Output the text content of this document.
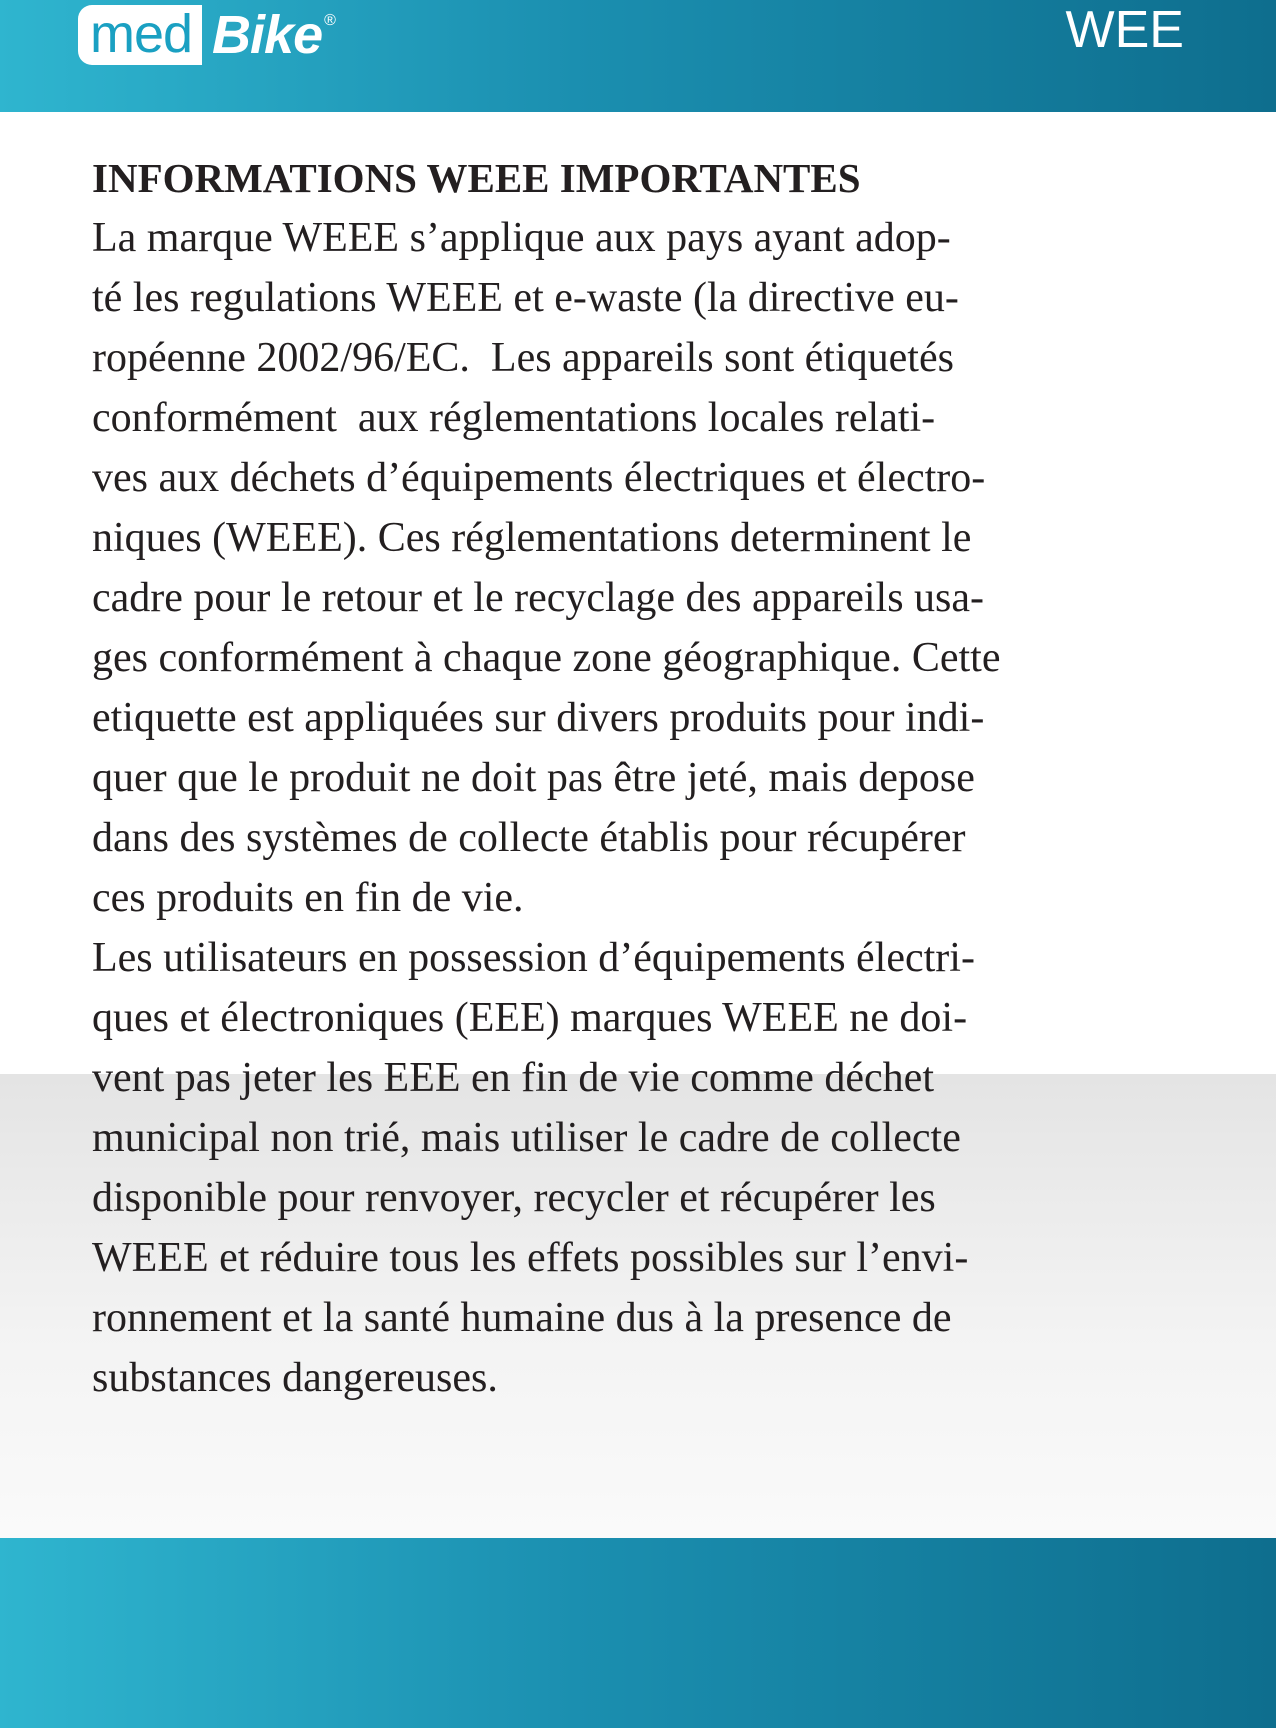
med Bike ®	WEE

INFORMATIONS WEEE IMPORTANTES

La marque WEEE s’applique aux pays ayant adop-
té les regulations WEEE et e-waste (la directive eu-
ropéenne 2002/96/EC.  Les appareils sont étiquetés
conformément  aux réglementations locales relati-
ves aux déchets d’équipements électriques et électro-
niques (WEEE). Ces réglementations determinent le
cadre pour le retour et le recyclage des appareils usa-
ges conformément à chaque zone géographique. Cette
etiquette est appliquées sur divers produits pour indi-
quer que le produit ne doit pas être jeté, mais depose
dans des systèmes de collecte établis pour récupérer
ces produits en fin de vie.
Les utilisateurs en possession d’équipements électri-
ques et électroniques (EEE) marques WEEE ne doi-
vent pas jeter les EEE en fin de vie comme déchet
municipal non trié, mais utiliser le cadre de collecte
disponible pour renvoyer, recycler et récupérer les
WEEE et réduire tous les effets possibles sur l’envi-
ronnement et la santé humaine dus à la presence de
substances dangereuses.
